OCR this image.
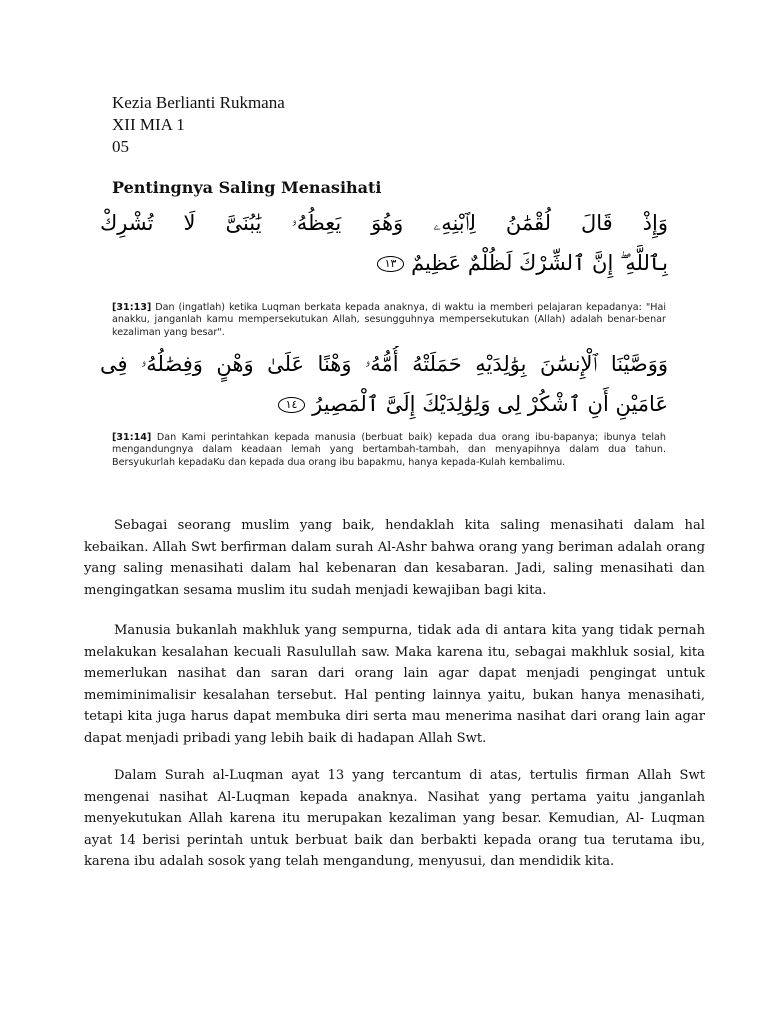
Kezia Berlianti Rukmana
XII MIA 1
05
Pentingnya Saling Menasihati
وَإِذْ قَالَ لُقْمَٰنُ لِٱبْنِهِۦ وَهُوَ يَعِظُهُۥ يَٰبُنَىَّ لَا تُشْرِكْ
بِٱللَّهِ ۖ إِنَّ ٱلشِّرْكَ لَظُلْمٌ عَظِيمٌ ١٣
[31:13] Dan (ingatlah) ketika Luqman berkata kepada anaknya, di waktu ia memberi pelajaran kepadanya: "Hai anakku, janganlah kamu mempersekutukan Allah, sesungguhnya mempersekutukan (Allah) adalah benar-benar kezaliman yang besar".
وَوَصَّيْنَا ٱلْإِنسَٰنَ بِوَٰلِدَيْهِ حَمَلَتْهُ أُمُّهُۥ وَهْنًا عَلَىٰ وَهْنٍ وَفِصَٰلُهُۥ فِى
عَامَيْنِ أَنِ ٱشْكُرْ لِى وَلِوَٰلِدَيْكَ إِلَىَّ ٱلْمَصِيرُ ١٤
[31:14] Dan Kami perintahkan kepada manusia (berbuat baik) kepada dua orang ibu-bapanya; ibunya telah mengandungnya dalam keadaan lemah yang bertambah-tambah, dan menyapihnya dalam dua tahun. Bersyukurlah kepadaKu dan kepada dua orang ibu bapakmu, hanya kepada-Kulah kembalimu.

Sebagai seorang muslim yang baik, hendaklah kita saling menasihati dalam hal kebaikan. Allah Swt berfirman dalam surah Al-Ashr bahwa orang yang beriman adalah orang yang saling menasihati dalam hal kebenaran dan kesabaran. Jadi, saling menasihati dan mengingatkan sesama muslim itu sudah menjadi kewajiban bagi kita.

Manusia bukanlah makhluk yang sempurna, tidak ada di antara kita yang tidak pernah melakukan kesalahan kecuali Rasulullah saw. Maka karena itu, sebagai makhluk sosial, kita memerlukan nasihat dan saran dari orang lain agar dapat menjadi pengingat untuk memiminimalisir kesalahan tersebut. Hal penting lainnya yaitu, bukan hanya menasihati, tetapi kita juga harus dapat membuka diri serta mau menerima nasihat dari orang lain agar dapat menjadi pribadi yang lebih baik di hadapan Allah Swt.

Dalam Surah al-Luqman ayat 13 yang tercantum di atas, tertulis firman Allah Swt mengenai nasihat Al-Luqman kepada anaknya. Nasihat yang pertama yaitu janganlah menyekutukan Allah karena itu merupakan kezaliman yang besar. Kemudian, Al- Luqman ayat 14 berisi perintah untuk berbuat baik dan berbakti kepada orang tua terutama ibu, karena ibu adalah sosok yang telah mengandung, menyusui, dan mendidik kita.
